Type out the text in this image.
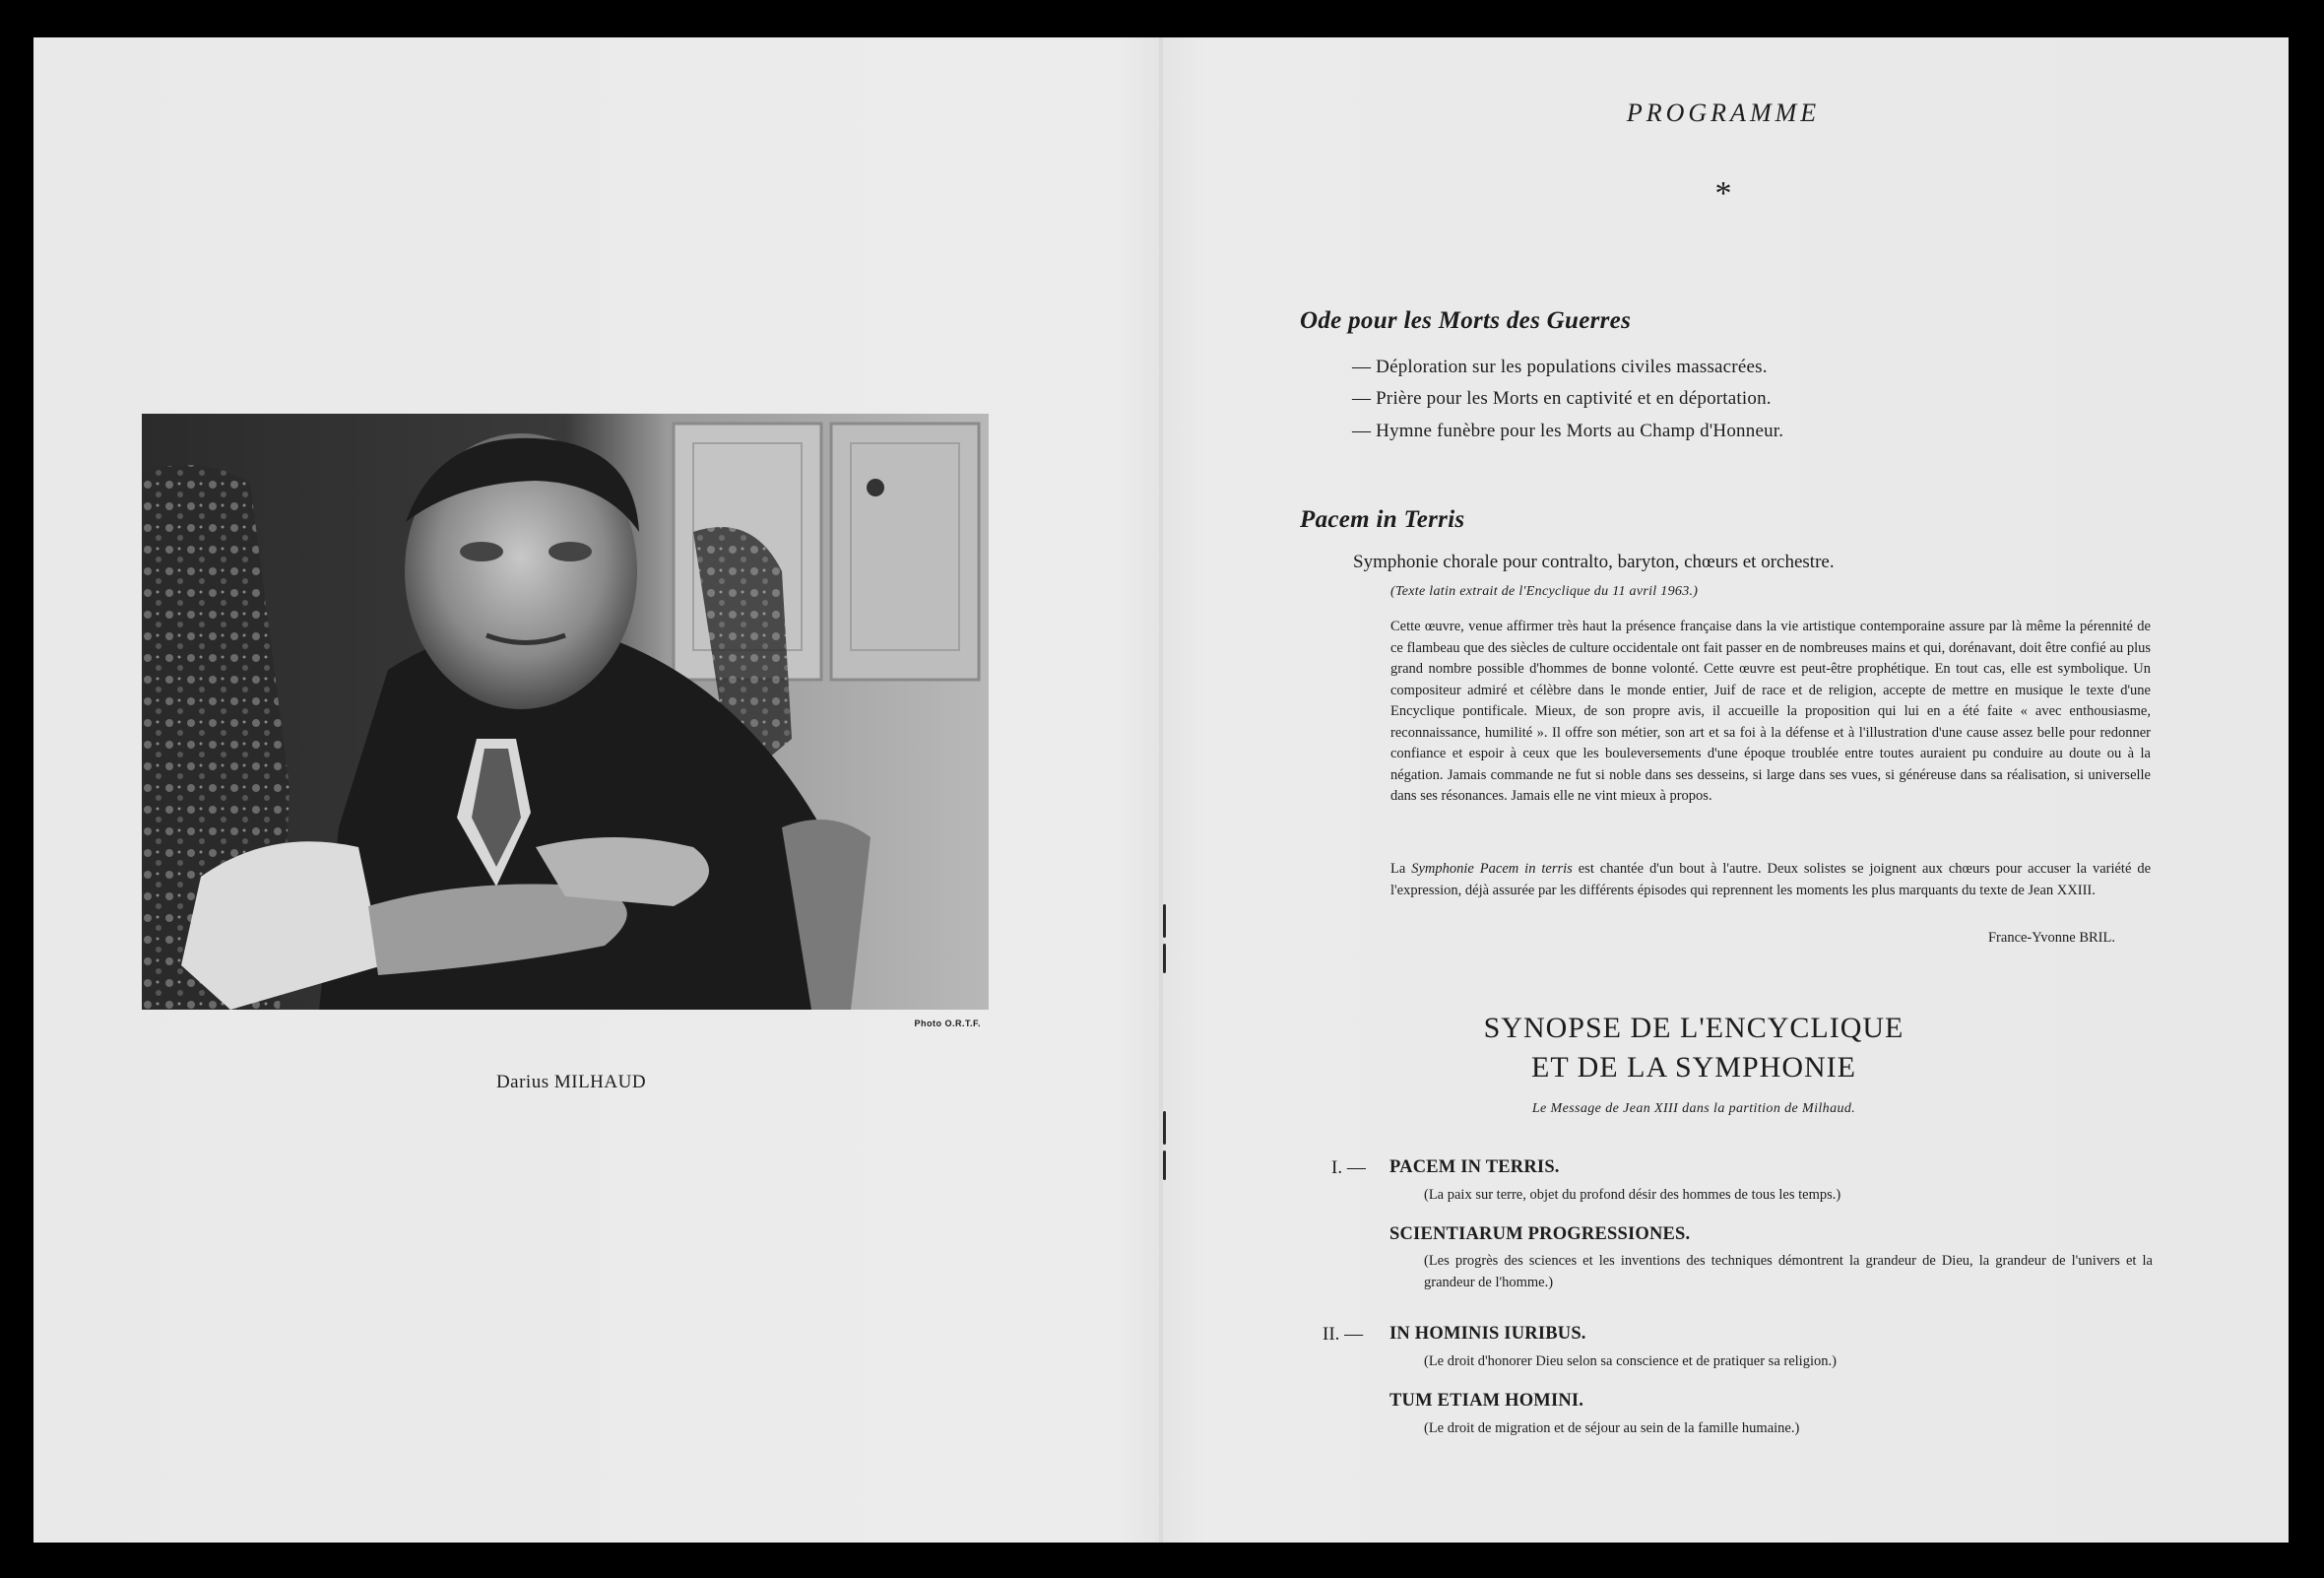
Photo O.R.T.F.
Darius MILHAUD
PROGRAMME
*
Ode pour les Morts des Guerres
— Déploration sur les populations civiles massacrées.
— Prière pour les Morts en captivité et en déportation.
— Hymne funèbre pour les Morts au Champ d'Honneur.
Pacem in Terris
Symphonie chorale pour contralto, baryton, chœurs et orchestre.
(Texte latin extrait de l'Encyclique du 11 avril 1963.)
Cette œuvre, venue affirmer très haut la présence française dans la vie artistique contemporaine assure par là même la pérennité de ce flambeau que des siècles de culture occidentale ont fait passer en de nombreuses mains et qui, dorénavant, doit être confié au plus grand nombre possible d'hommes de bonne volonté. Cette œuvre est peut-être prophétique. En tout cas, elle est symbolique. Un compositeur admiré et célèbre dans le monde entier, Juif de race et de religion, accepte de mettre en musique le texte d'une Encyclique pontificale. Mieux, de son propre avis, il accueille la proposition qui lui en a été faite « avec enthousiasme, reconnaissance, humilité ». Il offre son métier, son art et sa foi à la défense et à l'illustration d'une cause assez belle pour redonner confiance et espoir à ceux que les bouleversements d'une époque troublée entre toutes auraient pu conduire au doute ou à la négation. Jamais commande ne fut si noble dans ses desseins, si large dans ses vues, si généreuse dans sa réalisation, si universelle dans ses résonances. Jamais elle ne vint mieux à propos.
La Symphonie Pacem in terris est chantée d'un bout à l'autre. Deux solistes se joignent aux chœurs pour accuser la variété de l'expression, déjà assurée par les différents épisodes qui reprennent les moments les plus marquants du texte de Jean XXIII.
France-Yvonne BRIL.
SYNOPSE DE L'ENCYCLIQUE
ET DE LA SYMPHONIE
Le Message de Jean XIII dans la partition de Milhaud.
I. — PACEM IN TERRIS.
(La paix sur terre, objet du profond désir des hommes de tous les temps.)
SCIENTIARUM PROGRESSIONES.
(Les progrès des sciences et les inventions des techniques démontrent la grandeur de Dieu, la grandeur de l'univers et la grandeur de l'homme.)
II. — IN HOMINIS IURIBUS.
(Le droit d'honorer Dieu selon sa conscience et de pratiquer sa religion.)
TUM ETIAM HOMINI.
(Le droit de migration et de séjour au sein de la famille humaine.)
